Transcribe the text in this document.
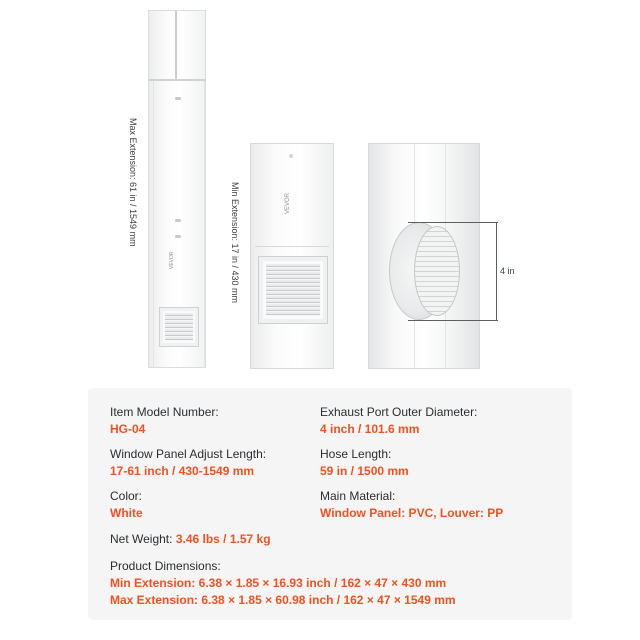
Max Extension: 61 in / 1549 mm
VEVOR	Min Extension: 17 in / 430 mm	VEVOR
4 in
Item Model Number:
HG-04
Exhaust Port Outer Diameter:
4 inch / 101.6 mm
Window Panel Adjust Length:
17-61 inch / 430-1549 mm
Hose Length:
59 in / 1500 mm
Color:
White
Main Material:
Window Panel: PVC, Louver: PP
Net Weight: 3.46 lbs / 1.57 kg
Product Dimensions:
Min Extension: 6.38 × 1.85 × 16.93 inch / 162 × 47 × 430 mm
Max Extension: 6.38 × 1.85 × 60.98 inch / 162 × 47 × 1549 mm
